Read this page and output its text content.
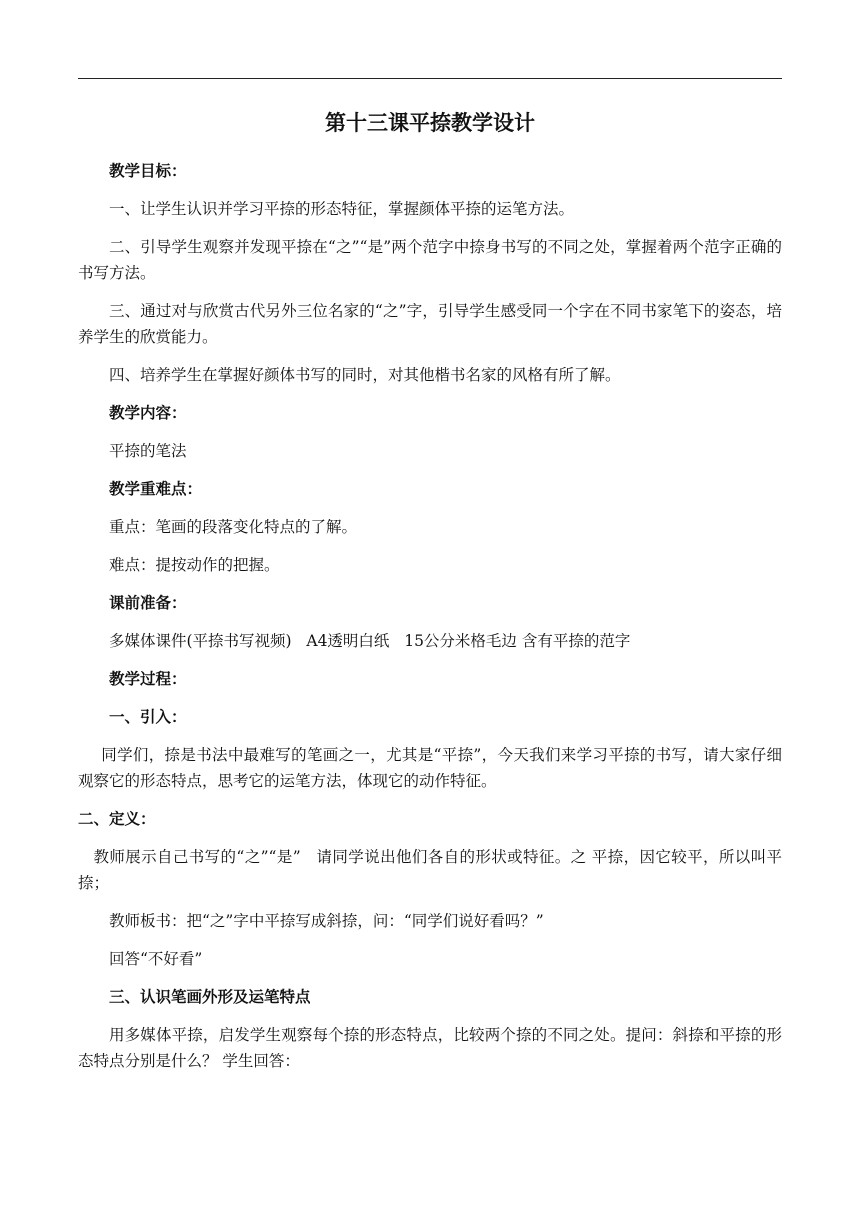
第十三课平捺教学设计

教学目标：

一、让学生认识并学习平捺的形态特征，掌握颜体平捺的运笔方法。

二、引导学生观察并发现平捺在“之”“是”两个范字中捺身书写的不同之处，掌握着两个范字正确的书写方法。

三、通过对与欣赏古代另外三位名家的“之”字，引导学生感受同一个字在不同书家笔下的姿态，培养学生的欣赏能力。

四、培养学生在掌握好颜体书写的同时，对其他楷书名家的风格有所了解。

教学内容：

平捺的笔法

教学重难点：

重点：笔画的段落变化特点的了解。

难点：提按动作的把握。

课前准备：

多媒体课件(平捺书写视频)   A4透明白纸   15公分米格毛边 含有平捺的范字

教学过程：

一、引入：

同学们，捺是书法中最难写的笔画之一，尤其是“平捺”，今天我们来学习平捺的书写，请大家仔细观察它的形态特点，思考它的运笔方法，体现它的动作特征。

二、定义：

教师展示自己书写的“之”“是”   请同学说出他们各自的形状或特征。之 平捺，因它较平，所以叫平捺；

教师板书：把“之”字中平捺写成斜捺，问：“同学们说好看吗？”

回答“不好看”

三、认识笔画外形及运笔特点

用多媒体平捺，启发学生观察每个捺的形态特点，比较两个捺的不同之处。提问：斜捺和平捺的形态特点分别是什么？ 学生回答：
